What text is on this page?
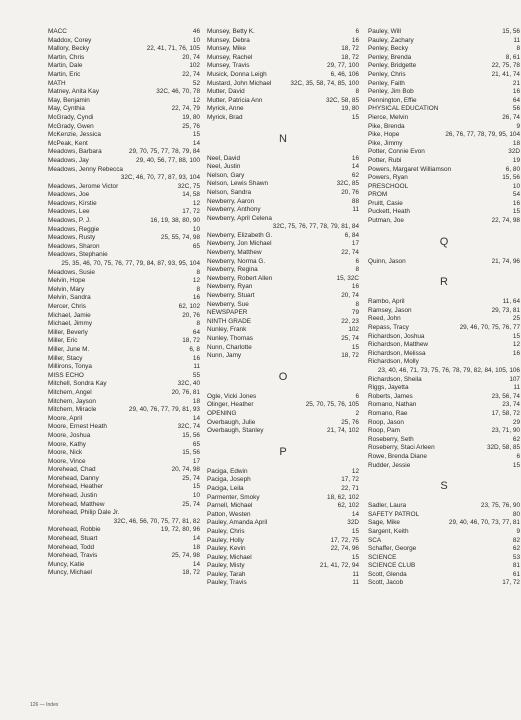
MACC	46
Maddox, Corey	10
Mallory, Becky	22, 41, 71, 76, 105
Martin, Chris	20, 74
Martin, Dale	102
Martin, Eric	22, 74
MATH	52
Matney, Anita Kay	32C, 46, 70, 78
May, Benjamin	12
May, Cynthia	22, 74, 79
McGrady, Cyndi	19, 80
McGrady, Gwen	25, 76
McKenzie, Jessica	15
McPeak, Kent	14
Meadows, Barbara	29, 70, 75, 77, 78, 79, 84
Meadows, Jay	29, 40, 56, 77, 88, 100
Meadows, Jenny Rebecca
32C, 46, 70, 77, 87, 93, 104
Meadows, Jerome Victor	32C, 75
Meadows, Joe	14, 58
Meadows, Kirstie	12
Meadows, Lee	17, 72
Meadows, P. J.	16, 19, 38, 80, 90
Meadows, Reggie	10
Meadows, Rusty	25, 55, 74, 98
Meadows, Sharon	65
Meadows, Stephanie
25, 35, 46, 70, 75, 76, 77, 79, 84, 87, 93, 95, 104
Meadows, Susie	8
Melvin, Hope	12
Melvin, Mary	8
Melvin, Sandra	16
Mercer, Chris	62, 102
Michael, Jamie	20, 76
Michael, Jimmy	8
Miller, Beverly	64
Miller, Eric	18, 72
Miller, June M.	6, 8
Miller, Stacy	16
Millirons, Tonya	11
MISS ECHO	55
Mitchell, Sondra Kay	32C, 40
Mitchem, Angel	20, 76, 81
Mitchem, Jayson	18
Mitchem, Miracle	29, 40, 76, 77, 79, 81, 93
Moore, April	14
Moore, Ernest Heath	32C, 74
Moore, Joshua	15, 56
Moore, Kathy	65
Moore, Nick	15, 56
Moore, Vince	17
Morehead, Chad	20, 74, 98
Morehead, Danny	25, 74
Morehead, Heather	15
Morehead, Justin	10
Morehead, Matthew	25, 74
Morehead, Philip Dale Jr.
32C, 46, 56, 70, 75, 77, 81, 82
Morehead, Robbie	19, 72, 80, 96
Morehead, Stuart	14
Morehead, Todd	18
Morehead, Travis	25, 74, 98
Muncy, Katie	14
Muncy, Michael	18, 72
Munsey, Betty K.	6
Munsey, Debra	16
Munsey, Mike	18, 72
Munsey, Rachel	18, 72
Munsey, Travis	29, 77, 100
Musick, Donna Leigh	6, 46, 106
Mustard, John Michael	32C, 35, 58, 74, 85, 100
Mutter, David	8
Mutter, Patricia Ann	32C, 58, 85
Myrick, Anne	19, 80
Myrick, Brad	15
N
Neel, David	16
Neel, Justin	14
Nelson, Gary	62
Nelson, Lewis Shawn	32C, 85
Nelson, Sandra	20, 76
Newberry, Aaron	88
Newberry, Anthony	11
Newberry, April Celena
32C, 75, 76, 77, 78, 79, 81, 84
Newberry, Elizabeth G.	6, 84
Newberry, Jon Michael	17
Newberry, Matthew	22, 74
Newberry, Norma G.	6
Newberry, Regina	8
Newberry, Robert Allen	15, 32C
Newberry, Ryan	16
Newberry, Stuart	20, 74
Newberry, Sue	8
NEWSPAPER	79
NINTH GRADE	22, 23
Nunley, Frank	102
Nunley, Thomas	25, 74
Nunn, Charlotte	15
Nunn, Jamy	18, 72
O
Ogle, Vicki Jones	6
Olinger, Heather	25, 70, 75, 76, 105
OPENING	2
Overbaugh, Julie	25, 76
Overbaugh, Stanley	21, 74, 102
P
Paciga, Edwin	12
Paciga, Joseph	17, 72
Paciga, Leila	22, 71
Parmenter, Smoky	18, 62, 102
Parnell, Michael	62, 102
Patton, Westen	14
Pauley, Amanda April	32D
Pauley, Chris	15
Pauley, Holly	17, 72, 75
Pauley, Kevin	22, 74, 96
Pauley, Michael	15
Pauley, Misty	21, 41, 72, 94
Pauley, Tarah	11
Pauley, Travis	11
Pauley, Will	15, 56
Pauley, Zachary	11
Penley, Becky	8
Penley, Brenda	8, 61
Penley, Bridgette	22, 75, 78
Penley, Chris	21, 41, 74
Penley, Faith	21
Penley, Jim Bob	16
Pennington, Effie	64
PHYSICAL EDUCATION	56
Pierce, Melvin	26, 74
Pike, Brenda	9
Pike, Hope	26, 76, 77, 78, 79, 95, 104
Pike, Jimmy	18
Potter, Connie Evon	32D
Potter, Rubi	19
Powers, Margaret Williamson	6, 80
Powers, Ryan	15, 56
PRESCHOOL	10
PROM	54
Pruitt, Casie	16
Puckett, Heath	15
Putman, Joe	22, 74, 98
Q
Quinn, Jason	21, 74, 96
R
Rambo, April	11, 64
Ramsey, Jason	29, 73, 81
Reed, John	25
Repass, Tracy	29, 46, 70, 75, 76, 77
Richardson, Joshua	15
Richardson, Matthew	12
Richardson, Melissa	16
Richardson, Molly
23, 40, 46, 71, 73, 75, 76, 78, 79, 82, 84, 105, 106
Richardson, Sheila	107
Riggs, Jayetta	11
Roberts, James	23, 56, 74
Romano, Nathan	23, 74
Romano, Rae	17, 58, 72
Roop, Jason	29
Roop, Pam	23, 71, 90
Roseberry, Seth	62
Roseberry, Staci Arleen	32D, 58, 85
Rowe, Brenda Diane	6
Rudder, Jessie	15
S
Sadler, Laura	23, 75, 76, 90
SAFETY PATROL	80
Sage, Mike	29, 40, 46, 70, 73, 77, 81
Sargent, Keith	9
SCA	82
Schaffer, George	62
SCIENCE	53
SCIENCE CLUB	81
Scott, Glenda	61
Scott, Jacob	17, 72
126 — Index
